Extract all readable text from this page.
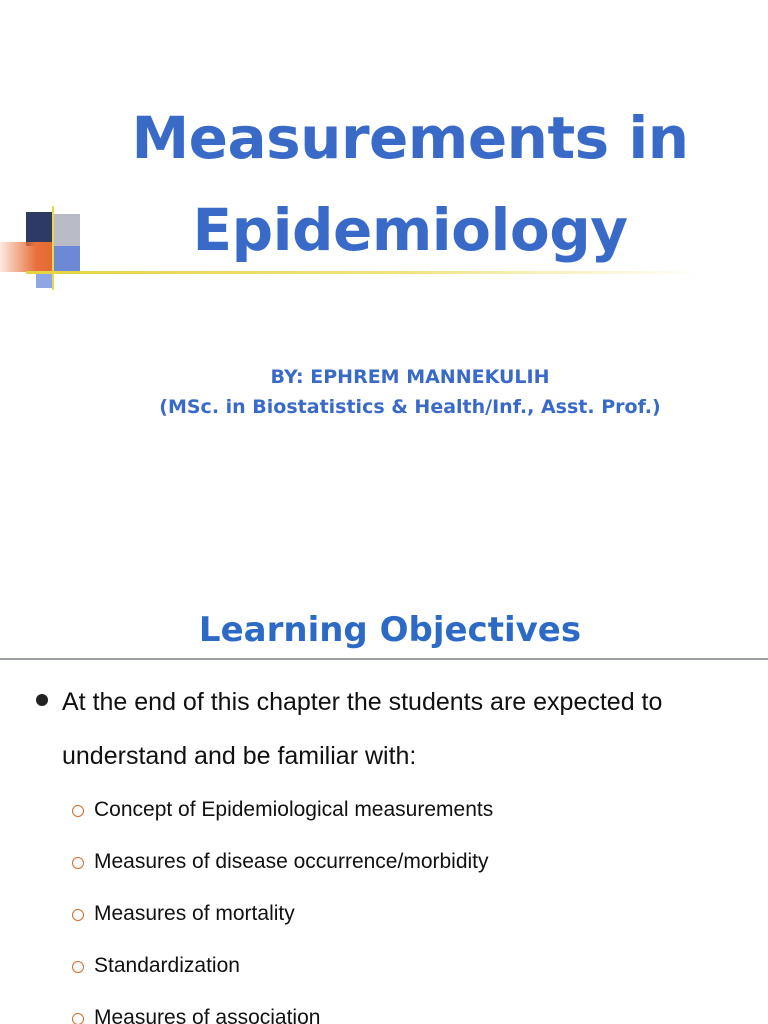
Measurements in
Epidemiology
BY: EPHREM MANNEKULIH
(MSc. in Biostatistics & Health/Inf., Asst. Prof.)
Learning Objectives
At the end of this chapter the students are expected to understand and be familiar with:
Concept of Epidemiological measurements
Measures of disease occurrence/morbidity
Measures of mortality
Standardization
Measures of association
